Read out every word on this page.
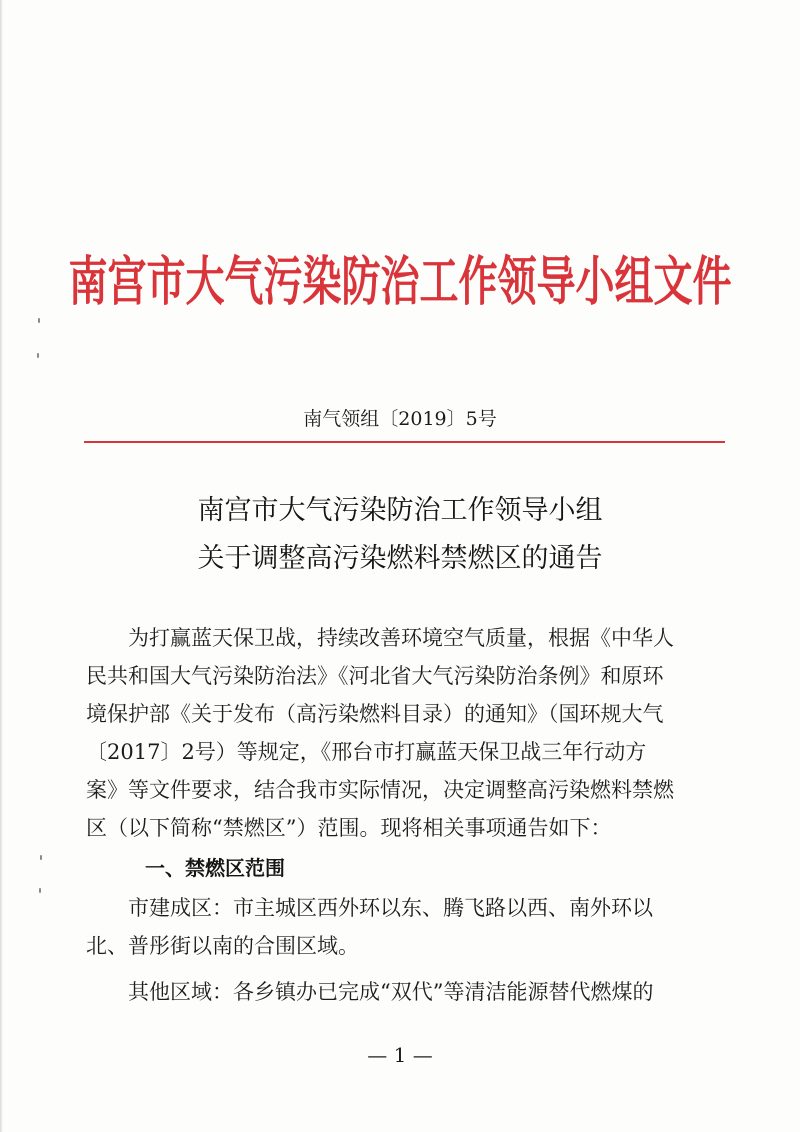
南宫市大气污染防治工作领导小组文件
南气领组〔2019〕5号
南宫市大气污染防治工作领导小组
关于调整高污染燃料禁燃区的通告
　　为打赢蓝天保卫战，持续改善环境空气质量，根据《中华人
民共和国大气污染防治法》《河北省大气污染防治条例》和原环
境保护部《关于发布（高污染燃料目录）的通知》（国环规大气
〔2017〕2号）等规定，《邢台市打赢蓝天保卫战三年行动方
案》等文件要求，结合我市实际情况，决定调整高污染燃料禁燃
区（以下简称“禁燃区”）范围。现将相关事项通告如下：
一、禁燃区范围
　　市建成区：市主城区西外环以东、腾飞路以西、南外环以
北、普彤街以南的合围区域。
　　其他区域：各乡镇办已完成“双代”等清洁能源替代燃煤的
— 1 —
